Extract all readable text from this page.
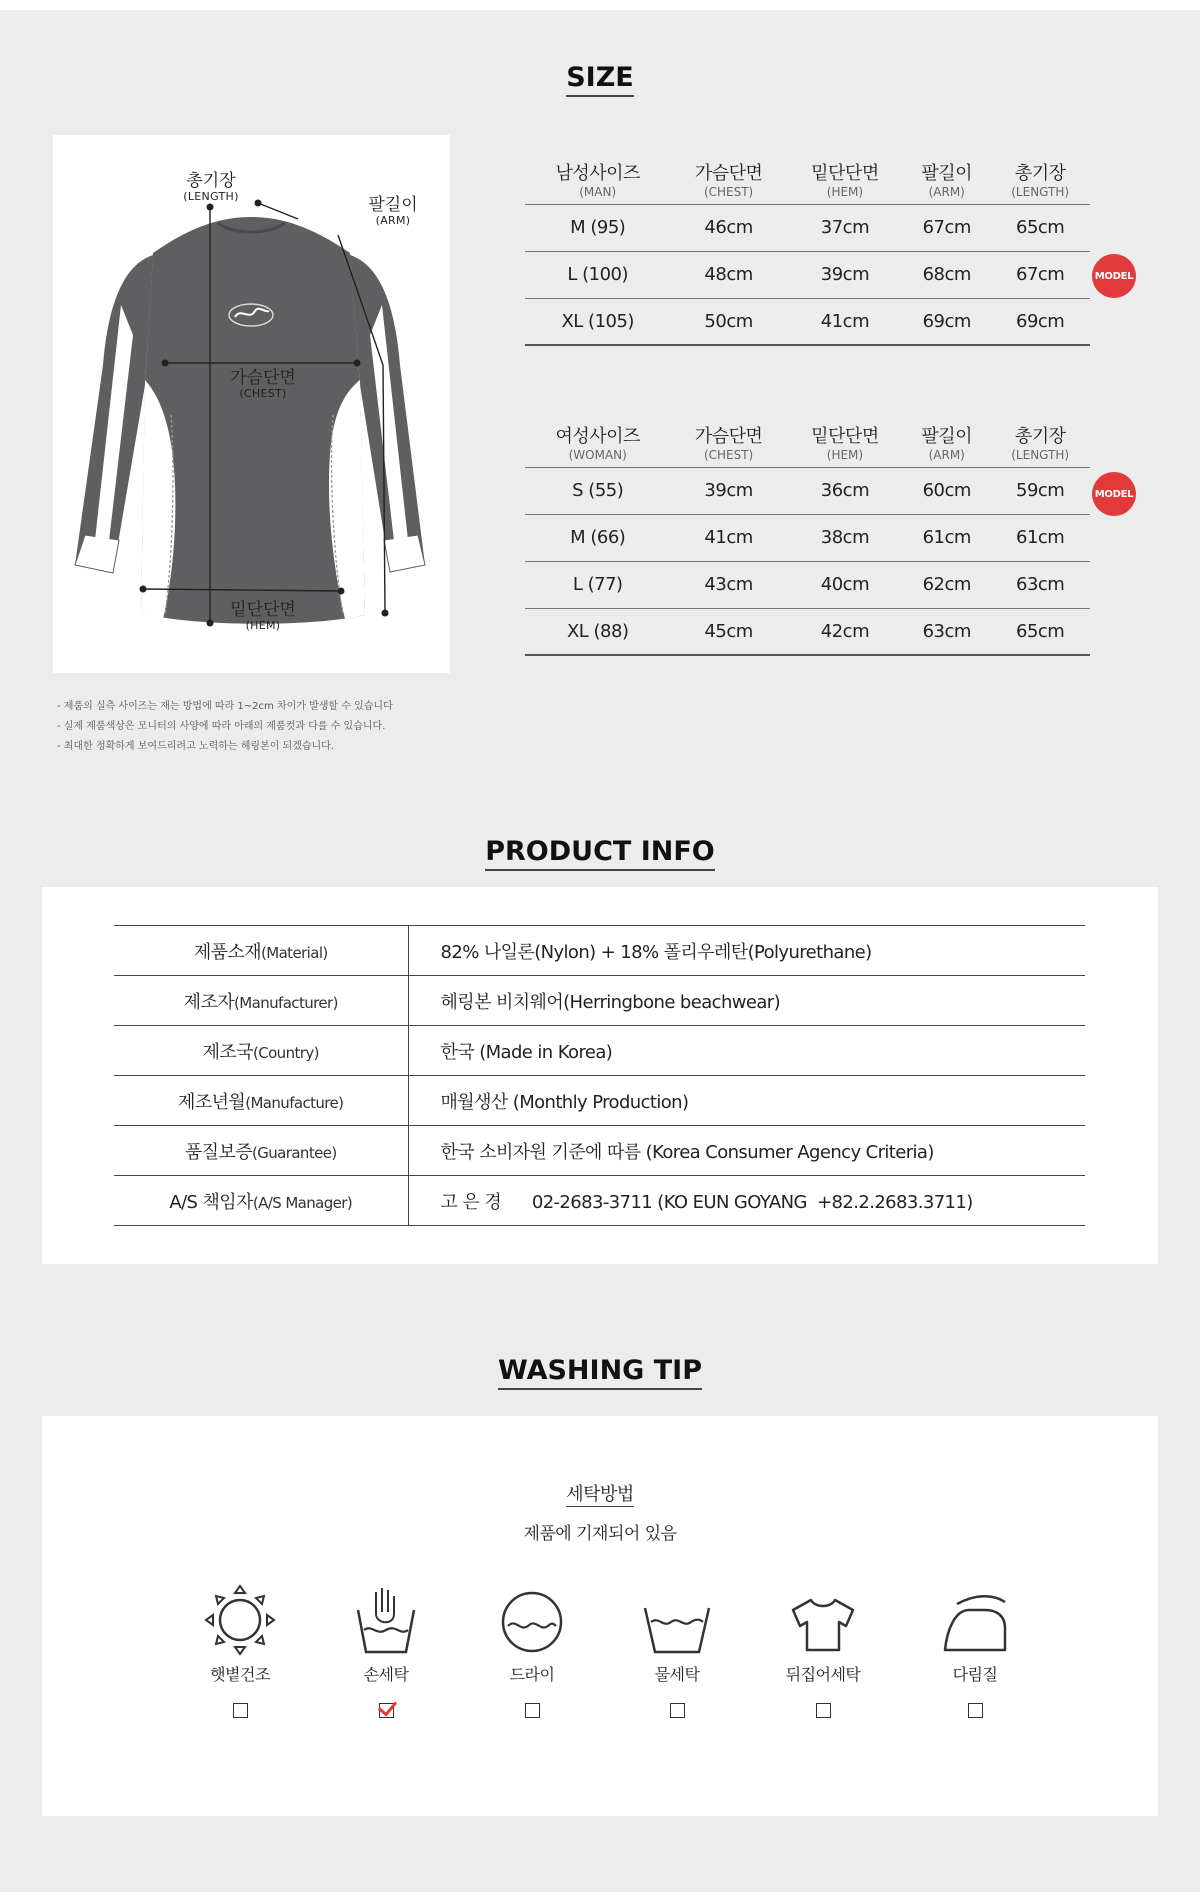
SIZE
총기장
(LENGTH)	팔길이
(ARM)
가슴단면
(CHEST)
밑단단면
(HEM)
남성사이즈
(MAN)	가슴단면
(CHEST)	밑단단면
(HEM)	팔길이
(ARM)	총기장
(LENGTH)

M (95)	46cm	37cm	67cm	65cm
L (100)	48cm	39cm	68cm	67cm
XL (105)	50cm	41cm	69cm	69cm
MODEL
여성사이즈
(WOMAN)	가슴단면
(CHEST)	밑단단면
(HEM)	팔길이
(ARM)	총기장
(LENGTH)

S (55)	39cm	36cm	60cm	59cm
M (66)	41cm	38cm	61cm	61cm
L (77)	43cm	40cm	62cm	63cm
XL (88)	45cm	42cm	63cm	65cm
MODEL
- 제품의 실측 사이즈는 재는 방법에 따라 1~2cm 차이가 발생할 수 있습니다
- 실제 제품색상은 모니터의 사양에 따라 아래의 제품컷과 다를 수 있습니다.
- 최대한 정확하게 보여드리려고 노력하는 헤링본이 되겠습니다.
PRODUCT INFO
제품소재(Material)	82% 나일론(Nylon) + 18% 폴리우레탄(Polyurethane)
제조자(Manufacturer)	헤링본 비치웨어(Herringbone beachwear)
제조국(Country)	한국 (Made in Korea)
제조년월(Manufacture)	매월생산 (Monthly Production)
품질보증(Guarantee)	한국 소비자원 기준에 따름 (Korea Consumer Agency Criteria)
A/S 책임자(A/S Manager)	고 은 경      02-2683-3711 (KO EUN GOYANG  +82.2.2683.3711)
WASHING TIP
세탁방법
제품에 기재되어 있음
햇볕건조	손세탁	드라이	물세탁	뒤집어세탁	다림질
